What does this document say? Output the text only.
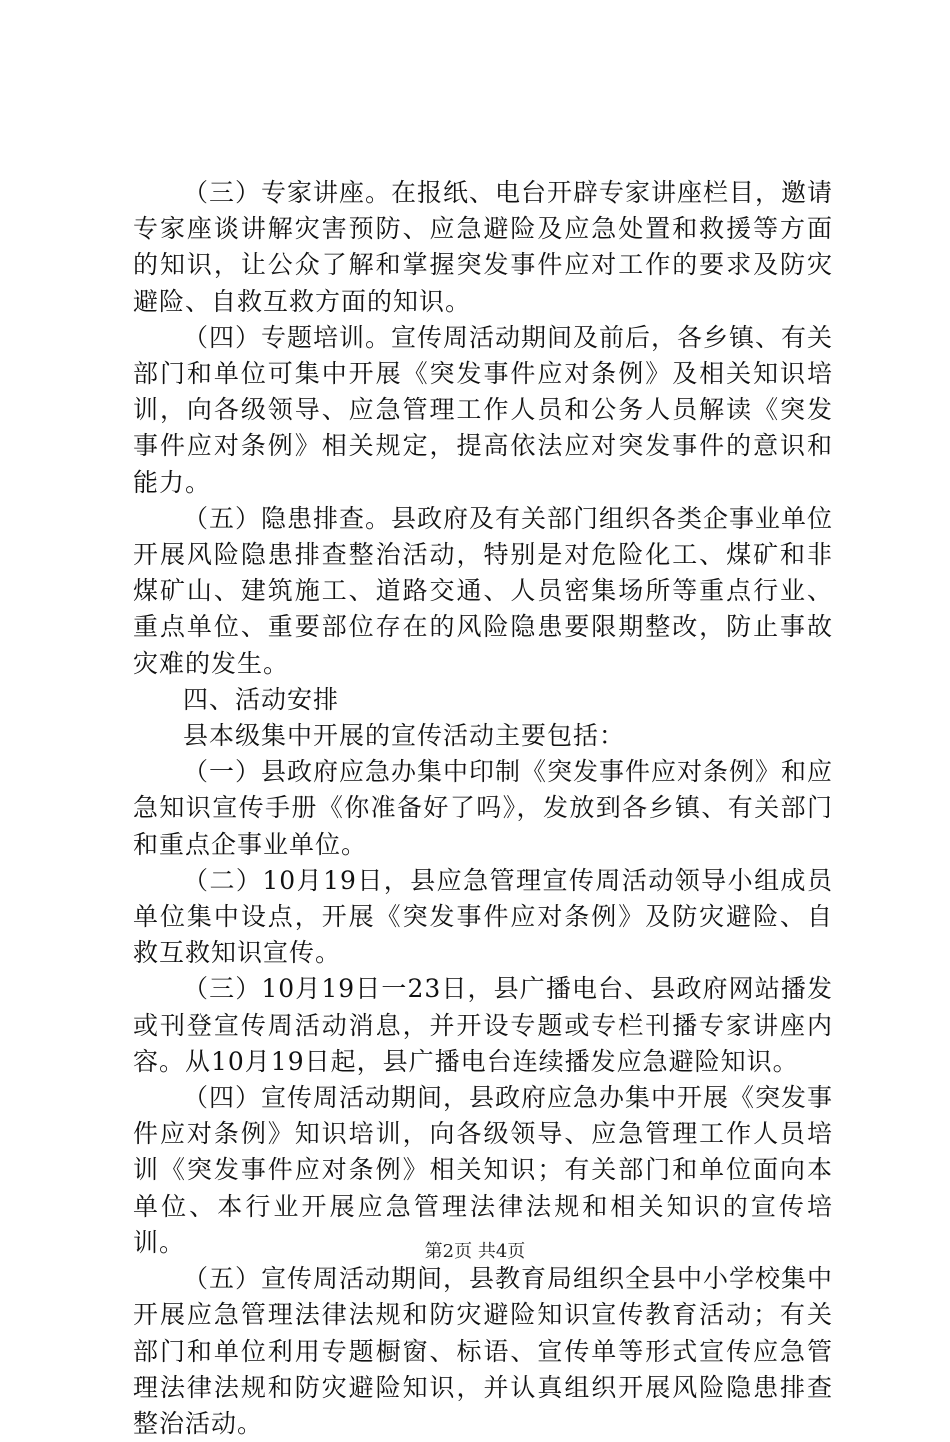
（三）专家讲座。在报纸、电台开辟专家讲座栏目，邀请专家座谈讲解灾害预防、应急避险及应急处置和救援等方面的知识，让公众了解和掌握突发事件应对工作的要求及防灾避险、自救互救方面的知识。

（四）专题培训。宣传周活动期间及前后，各乡镇、有关部门和单位可集中开展《突发事件应对条例》及相关知识培训，向各级领导、应急管理工作人员和公务人员解读《突发事件应对条例》相关规定，提高依法应对突发事件的意识和能力。

（五）隐患排查。县政府及有关部门组织各类企事业单位开展风险隐患排查整治活动，特别是对危险化工、煤矿和非煤矿山、建筑施工、道路交通、人员密集场所等重点行业、重点单位、重要部位存在的风险隐患要限期整改，防止事故灾难的发生。

四、活动安排

县本级集中开展的宣传活动主要包括：

（一）县政府应急办集中印制《突发事件应对条例》和应急知识宣传手册《你准备好了吗》，发放到各乡镇、有关部门和重点企事业单位。

（二）10月19日，县应急管理宣传周活动领导小组成员单位集中设点，开展《突发事件应对条例》及防灾避险、自救互救知识宣传。

（三）10月19日一23日，县广播电台、县政府网站播发或刊登宣传周活动消息，并开设专题或专栏刊播专家讲座内容。从10月19日起，县广播电台连续播发应急避险知识。

（四）宣传周活动期间，县政府应急办集中开展《突发事件应对条例》知识培训，向各级领导、应急管理工作人员培训《突发事件应对条例》相关知识；有关部门和单位面向本单位、本行业开展应急管理法律法规和相关知识的宣传培训。

（五）宣传周活动期间，县教育局组织全县中小学校集中开展应急管理法律法规和防灾避险知识宣传教育活动；有关部门和单位利用专题橱窗、标语、宣传单等形式宣传应急管理法律法规和防灾避险知识，并认真组织开展风险隐患排查整治活动。

第2页 共4页
